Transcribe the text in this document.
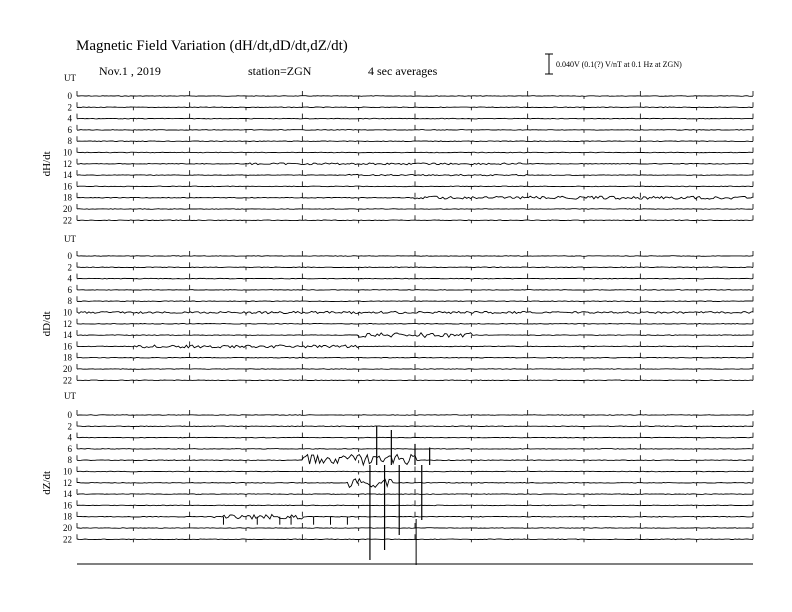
dH/dt
0
2
4
6
8
10
12
14
16
18
20
22
dD/dt
0
2
4
6
8
10
12
14
16
18
20
22
dZ/dt
0
2
4
6
8
10
12
14
16
18
20
22
Magnetic Field Variation (dH/dt,dD/dt,dZ/dt)
Nov.1 , 2019	station=ZGN	4 sec averages	0.040V (0.1(?) V/nT at 0.1 Hz at ZGN)
UT
UT
UT
